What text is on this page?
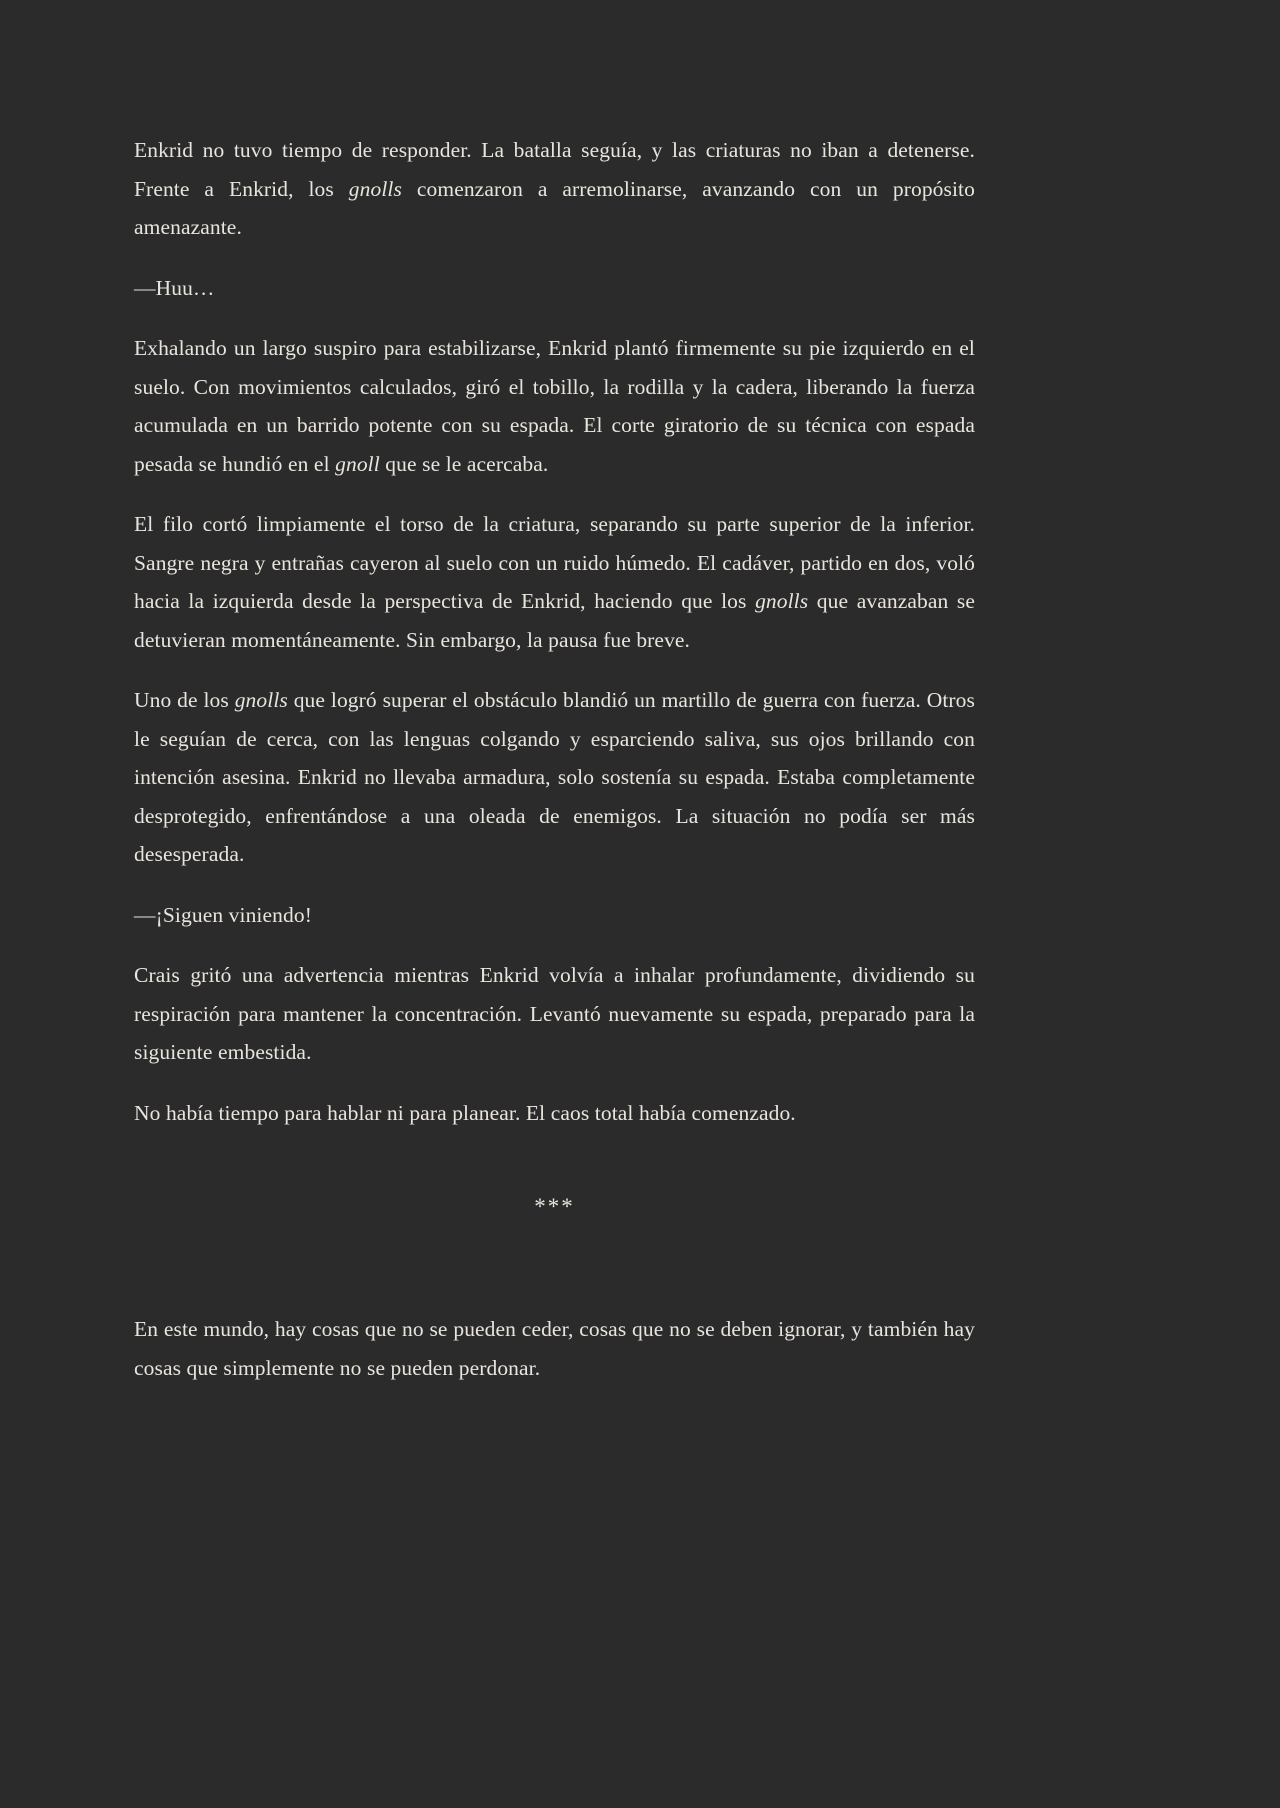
Enkrid no tuvo tiempo de responder. La batalla seguía, y las criaturas no iban a detenerse. Frente a Enkrid, los gnolls comenzaron a arremolinarse, avanzando con un propósito amenazante.

—Huu…

Exhalando un largo suspiro para estabilizarse, Enkrid plantó firmemente su pie izquierdo en el suelo. Con movimientos calculados, giró el tobillo, la rodilla y la cadera, liberando la fuerza acumulada en un barrido potente con su espada. El corte giratorio de su técnica con espada pesada se hundió en el gnoll que se le acercaba.

El filo cortó limpiamente el torso de la criatura, separando su parte superior de la inferior. Sangre negra y entrañas cayeron al suelo con un ruido húmedo. El cadáver, partido en dos, voló hacia la izquierda desde la perspectiva de Enkrid, haciendo que los gnolls que avanzaban se detuvieran momentáneamente. Sin embargo, la pausa fue breve.

Uno de los gnolls que logró superar el obstáculo blandió un martillo de guerra con fuerza. Otros le seguían de cerca, con las lenguas colgando y esparciendo saliva, sus ojos brillando con intención asesina. Enkrid no llevaba armadura, solo sostenía su espada. Estaba completamente desprotegido, enfrentándose a una oleada de enemigos. La situación no podía ser más desesperada.

—¡Siguen viniendo!

Crais gritó una advertencia mientras Enkrid volvía a inhalar profundamente, dividiendo su respiración para mantener la concentración. Levantó nuevamente su espada, preparado para la siguiente embestida.

No había tiempo para hablar ni para planear. El caos total había comenzado.

***

En este mundo, hay cosas que no se pueden ceder, cosas que no se deben ignorar, y también hay cosas que simplemente no se pueden perdonar.
